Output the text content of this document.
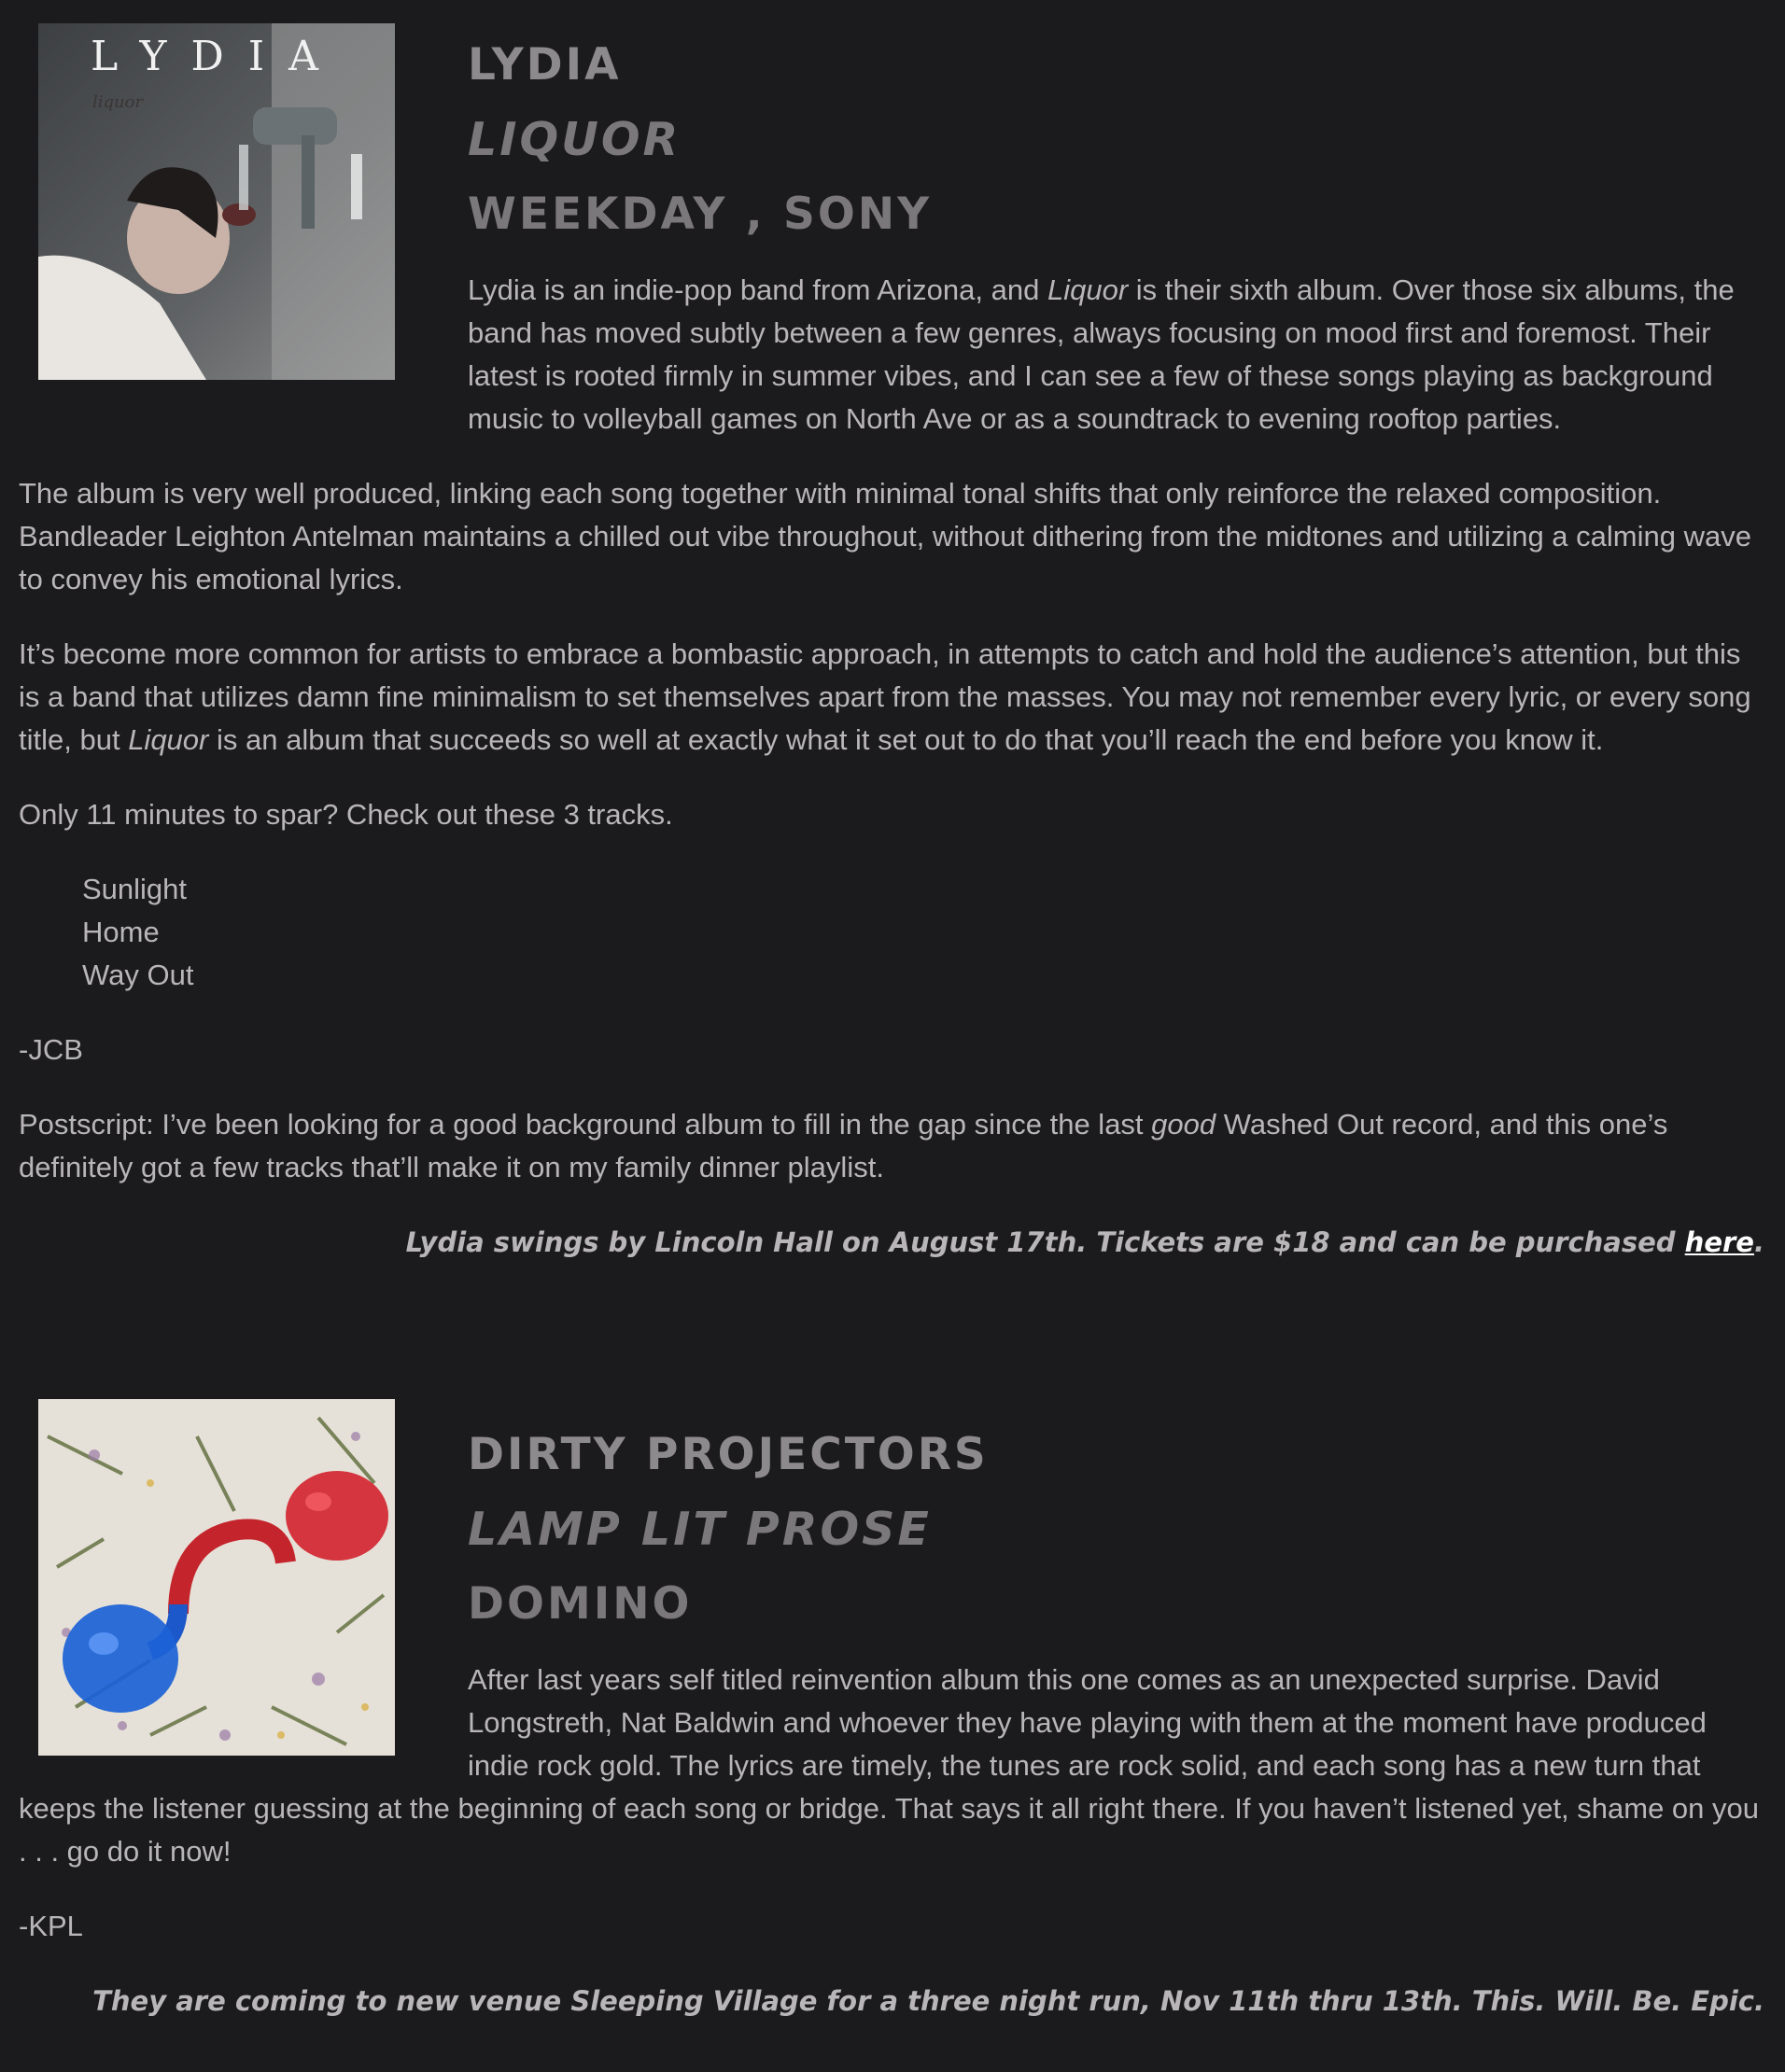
LYDIA
liquor
LYDIA
LIQUOR
WEEKDAY , SONY

Lydia is an indie-pop band from Arizona, and Liquor is their sixth album. Over those six albums, the band has moved subtly between a few genres, always focusing on mood first and foremost. Their latest is rooted firmly in summer vibes, and I can see a few of these songs playing as background music to volleyball games on North Ave or as a soundtrack to evening rooftop parties.

The album is very well produced, linking each song together with minimal tonal shifts that only reinforce the relaxed composition. Bandleader Leighton Antelman maintains a chilled out vibe throughout, without dithering from the midtones and utilizing a calming wave to convey his emotional lyrics.

It’s become more common for artists to embrace a bombastic approach, in attempts to catch and hold the audience’s attention, but this is a band that utilizes damn fine minimalism to set themselves apart from the masses. You may not remember every lyric, or every song title, but Liquor is an album that succeeds so well at exactly what it set out to do that you’ll reach the end before you know it.

Only 11 minutes to spar? Check out these 3 tracks.

Sunlight
Home
Way Out

-JCB

Postscript: I’ve been looking for a good background album to fill in the gap since the last good Washed Out record, and this one’s definitely got a few tracks that’ll make it on my family dinner playlist.

Lydia swings by Lincoln Hall on August 17th. Tickets are $18 and can be purchased here.
DIRTY PROJECTORS
LAMP LIT PROSE
DOMINO

After last years self titled reinvention album this one comes as an unexpected surprise. David Longstreth, Nat Baldwin and whoever they have playing with them at the moment have produced indie rock gold. The lyrics are timely, the tunes are rock solid, and each song has a new turn that keeps the listener guessing at the beginning of each song or bridge. That says it all right there. If you haven’t listened yet, shame on you . . . go do it now!

-KPL

They are coming to new venue Sleeping Village for a three night run, Nov 11th thru 13th. This. Will. Be. Epic.
